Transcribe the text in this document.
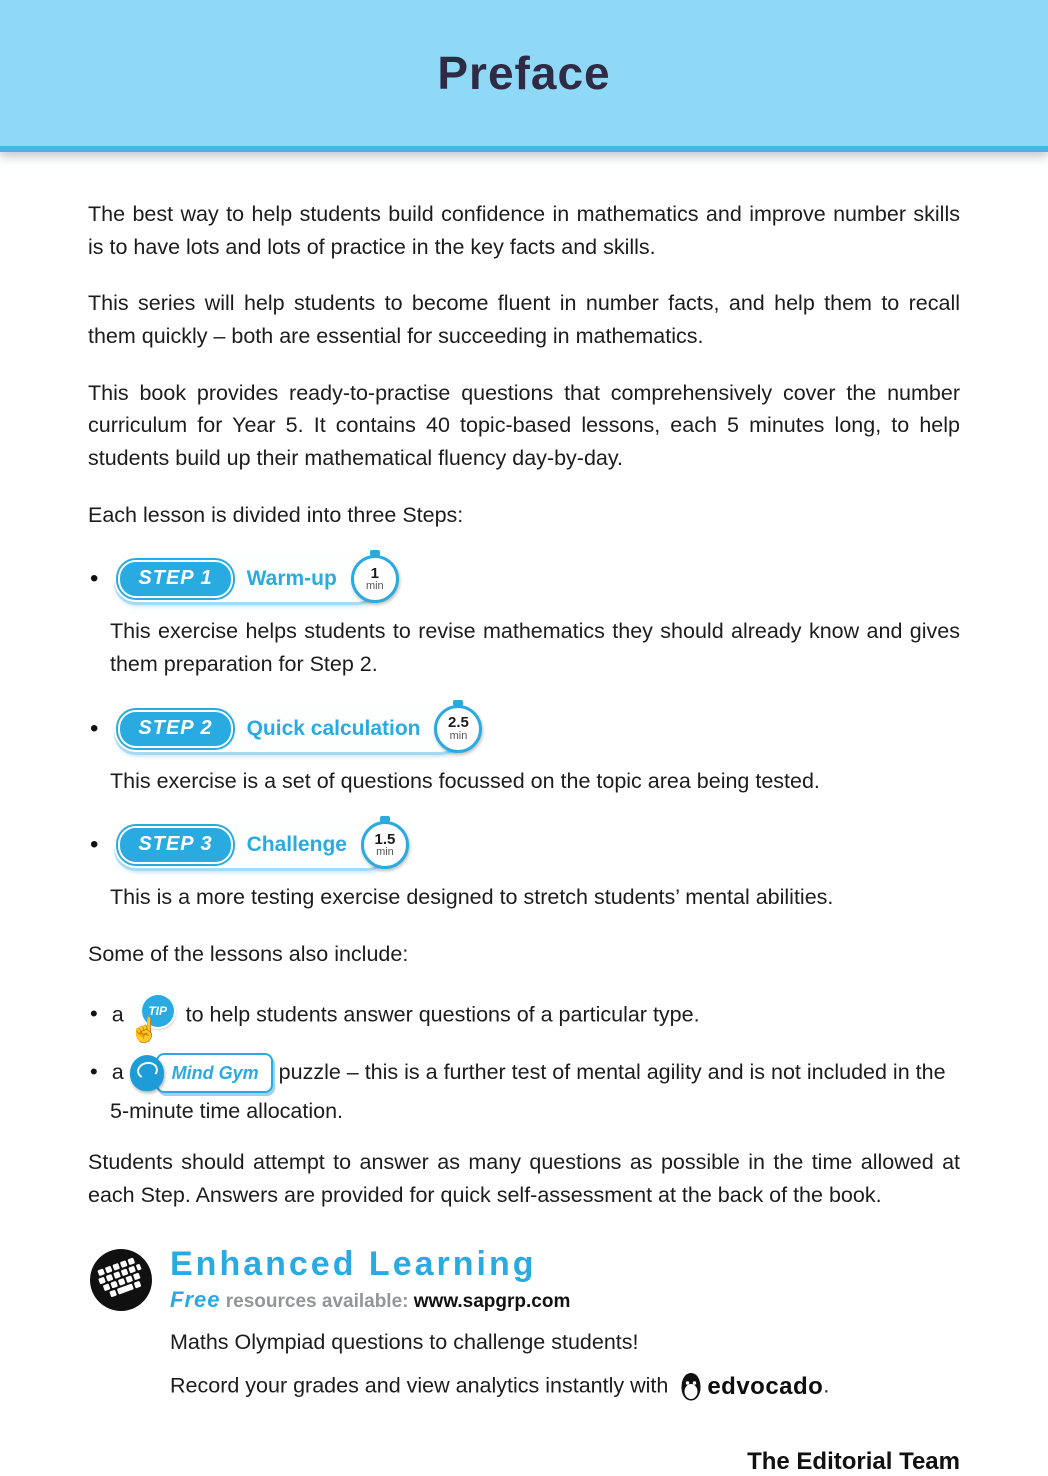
Preface

The best way to help students build confidence in mathematics and improve number skills is to have lots and lots of practice in the key facts and skills.

This series will help students to become fluent in number facts, and help them to recall them quickly – both are essential for succeeding in mathematics.

This book provides ready-to-practise questions that comprehensively cover the number curriculum for Year 5. It contains 40 topic-based lessons, each 5 minutes long, to help students build up their mathematical fluency day-by-day.

Each lesson is divided into three Steps:

•	STEP 1	Warm-up	1
min

This exercise helps students to revise mathematics they should already know and gives them preparation for Step 2.

•	STEP 2	Quick calculation	2.5
min

This exercise is a set of questions focussed on the topic area being tested.

•	STEP 3	Challenge	1.5
min

This is a more testing exercise designed to stretch students’ mental abilities.

Some of the lessons also include:

• a	TIP
☝
to help students answer questions of a particular type.
• a	Mind Gym puzzle – this is a further test of mental agility and is not included in the 5-minute time allocation.

Students should attempt to answer as many questions as possible in the time allowed at each Step. Answers are provided for quick self-assessment at the back of the book.

Enhanced Learning
Free resources available: www.sapgrp.com

Maths Olympiad questions to challenge students!

Record your grades and view analytics instantly with edvocado .

The Editorial Team
